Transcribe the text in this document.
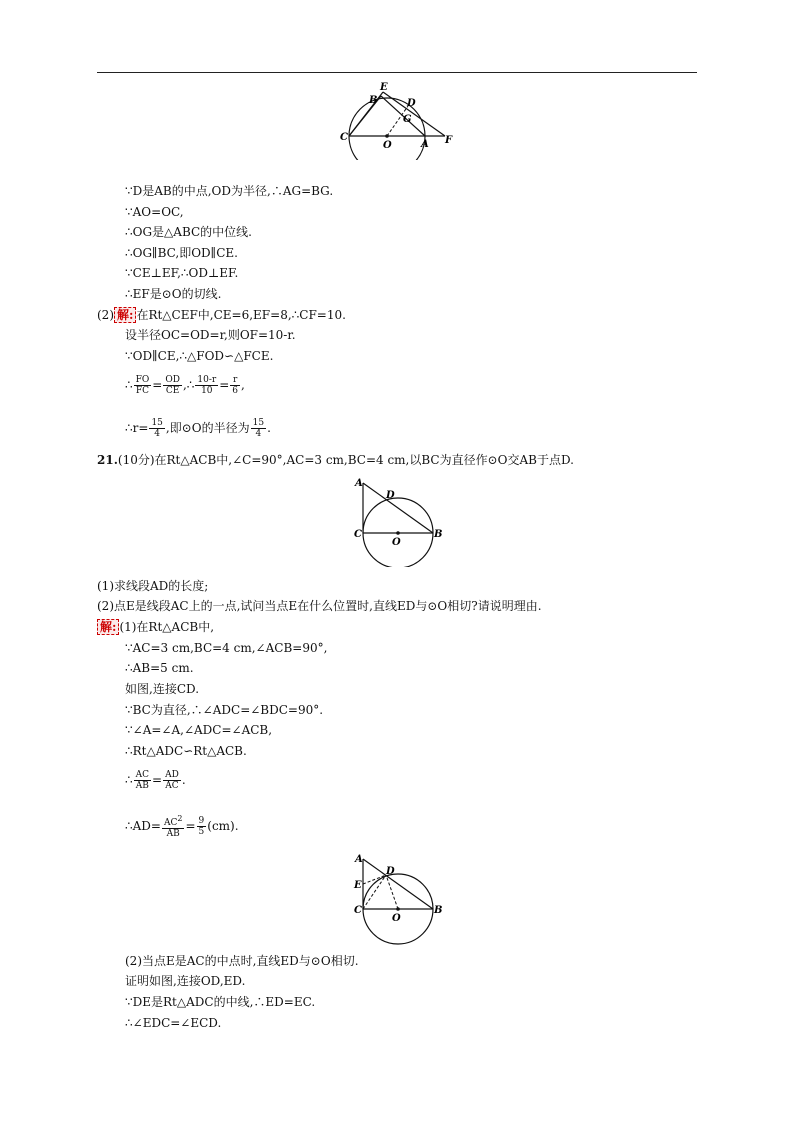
E
B	D
G
C
O	A F
∵D是AB的中点,OD为半径,∴AG=BG.
∵AO=OC,
∴OG是△ABC的中位线.
∴OG∥BC,即OD∥CE.
∵CE⊥EF,∴OD⊥EF.
∴EF是⊙O的切线.
(2) 解: 在Rt△CEF中,CE=6,EF=8,∴CF=10.
设半径OC=OD=r,则OF=10-r.
∵OD∥CE,∴△FOD∽△FCE.
∴ $\frac{FO}{FC} = \frac{OD}{CE}$ ,∴ $\frac{10-r}{10} = \frac{r}{6}$ ,
∴r= $\frac{15}{4}$ ,即⊙O的半径为 $\frac{15}{4}$ .
21.(10分)在Rt△ACB中,∠C=90°,AC=3 cm,BC=4 cm,以BC为直径作⊙O交AB于点D.
A
D
C
O
B
(1)求线段AD的长度;
(2)点E是线段AC上的一点,试问当点E在什么位置时,直线ED与⊙O相切?请说明理由.
解: (1)在Rt△ACB中,
∵AC=3 cm,BC=4 cm,∠ACB=90°,
∴AB=5 cm.
如图,连接CD.
∵BC为直径,∴∠ADC=∠BDC=90°.
∵∠A=∠A,∠ADC=∠ACB,
∴Rt△ADC∽Rt△ACB.
∴ $\frac{AC}{AB} = \frac{AD}{AC}$ .
∴AD= $\frac{AC2}{AB} = \frac{9}{5} (cm)$.
A
D
E
C
O
B
(2)当点E是AC的中点时,直线ED与⊙O相切.
证明如图,连接OD,ED.
∵DE是Rt△ADC的中线,∴ED=EC.
∴∠EDC=∠ECD.
